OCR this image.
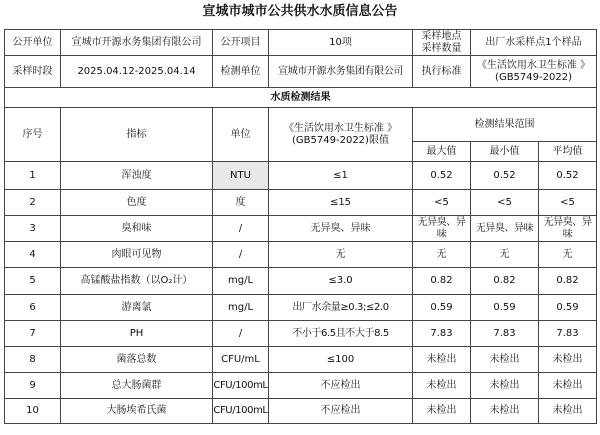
宣城市城市公共供水水质信息公告
公开单位	宣城市开源水务集团有限公司	公开项目	10项	采样地点
采样数量	出厂水采样点1个样品	
采样时段	2025.04.12-2025.04.14	检测单位	宣城市开源水务集团有限公司	执行标准	《生活饮用水卫生标准 》
(GB5749-2022)	

水质检测结果						
序号	指标	单位	《生活饮用水卫生标准 》
(GB5749-2022)限值	检测结果范围		
				最大值	最小值	平均值
1	浑浊度	NTU	≤1	0.52	0.52	0.52
2	色度	度	≤15	<5	<5	<5
3	臭和味	/	无异臭、异味	无异臭、异味	无异臭、异味	无异臭、异味
4	肉眼可见物	/	无	无	无	无
5	高锰酸盐指数（以O₂计）	mg/L	≤3.0	0.82	0.82	0.82
6	游离氯	mg/L	出厂水余量≥0.3;≤2.0	0.59	0.59	0.59
7	PH	/	不小于6.5且不大于8.5	7.83	7.83	7.83
8	菌落总数	CFU/mL	≤100	未检出	未检出	未检出
9	总大肠菌群	CFU/100mL	不应检出	未检出	未检出	未检出
10	大肠埃希氏菌	CFU/100mL	不应检出	未检出	未检出	未检出
